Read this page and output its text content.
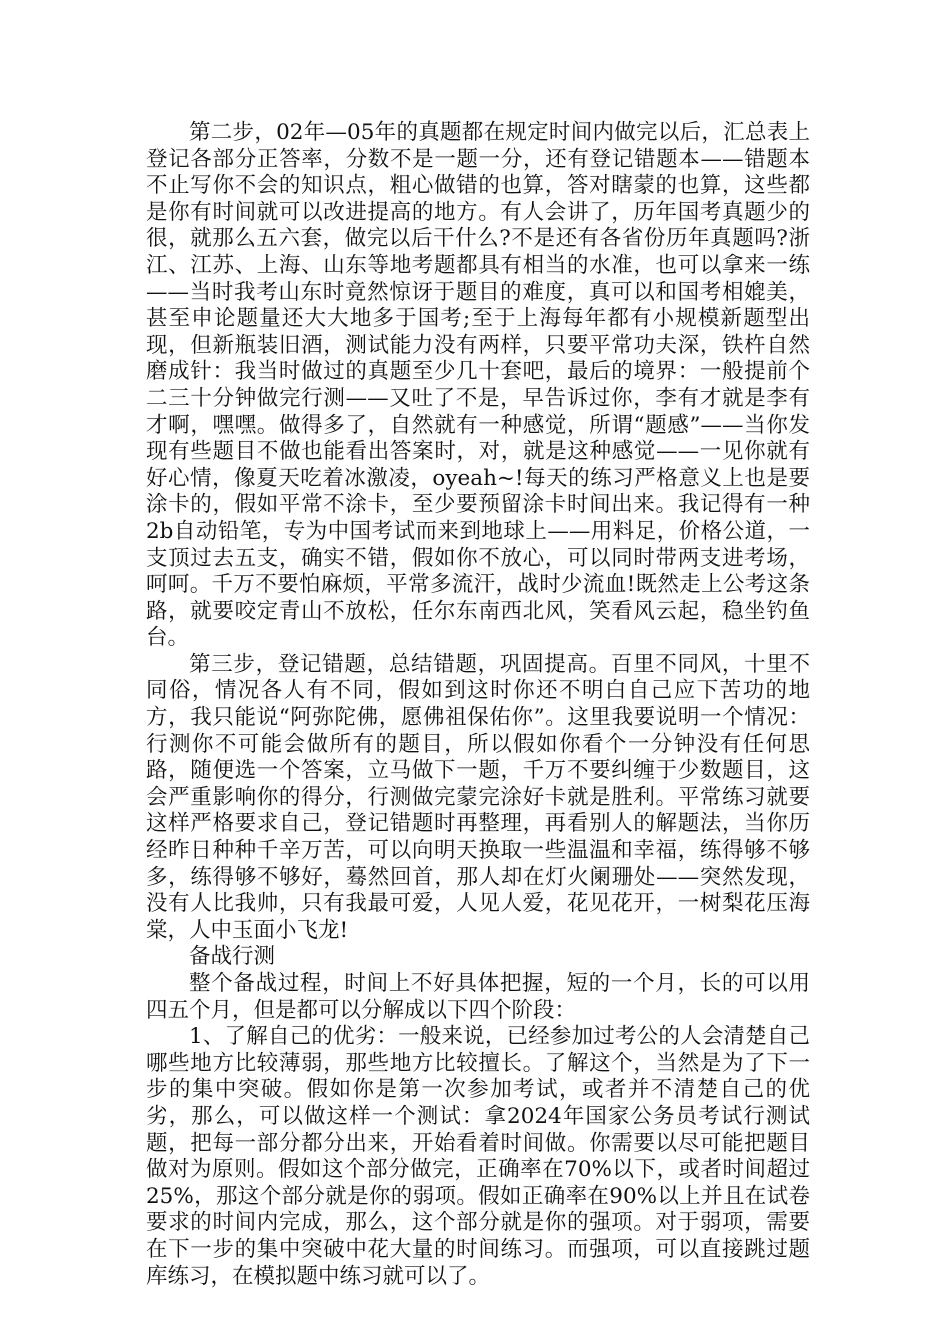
第二步，02年—05年的真题都在规定时间内做完以后，汇总表上登记各部分正答率，分数不是一题一分，还有登记错题本——错题本不止写你不会的知识点，粗心做错的也算，答对瞎蒙的也算，这些都是你有时间就可以改进提高的地方。有人会讲了，历年国考真题少的很，就那么五六套，做完以后干什么?不是还有各省份历年真题吗?浙江、江苏、上海、山东等地考题都具有相当的水准，也可以拿来一练——当时我考山东时竟然惊讶于题目的难度，真可以和国考相媲美，甚至申论题量还大大地多于国考;至于上海每年都有小规模新题型出现，但新瓶装旧酒，测试能力没有两样，只要平常功夫深，铁杵自然磨成针：我当时做过的真题至少几十套吧，最后的境界：一般提前个二三十分钟做完行测——又吐了不是，早告诉过你，李有才就是李有才啊，嘿嘿。做得多了，自然就有一种感觉，所谓“题感”——当你发现有些题目不做也能看出答案时，对，就是这种感觉——一见你就有好心情，像夏天吃着冰激凌，oyeah~!每天的练习严格意义上也是要涂卡的，假如平常不涂卡，至少要预留涂卡时间出来。我记得有一种2b自动铅笔，专为中国考试而来到地球上——用料足，价格公道，一支顶过去五支，确实不错，假如你不放心，可以同时带两支进考场，呵呵。千万不要怕麻烦，平常多流汗，战时少流血!既然走上公考这条路，就要咬定青山不放松，任尔东南西北风，笑看风云起，稳坐钓鱼台。

第三步，登记错题，总结错题，巩固提高。百里不同风，十里不同俗，情况各人有不同，假如到这时你还不明白自己应下苦功的地方，我只能说“阿弥陀佛，愿佛祖保佑你”。这里我要说明一个情况：行测你不可能会做所有的题目，所以假如你看个一分钟没有任何思路，随便选一个答案，立马做下一题，千万不要纠缠于少数题目，这会严重影响你的得分，行测做完蒙完涂好卡就是胜利。平常练习就要这样严格要求自己，登记错题时再整理，再看别人的解题法，当你历经昨日种种千辛万苦，可以向明天换取一些温温和幸福，练得够不够多，练得够不够好，蓦然回首，那人却在灯火阑珊处——突然发现，没有人比我帅，只有我最可爱，人见人爱，花见花开，一树梨花压海棠，人中玉面小飞龙!

备战行测

整个备战过程，时间上不好具体把握，短的一个月，长的可以用四五个月，但是都可以分解成以下四个阶段：

1、了解自己的优劣：一般来说，已经参加过考公的人会清楚自己哪些地方比较薄弱，那些地方比较擅长。了解这个，当然是为了下一步的集中突破。假如你是第一次参加考试，或者并不清楚自己的优劣，那么，可以做这样一个测试：拿2024年国家公务员考试行测试题，把每一部分都分出来，开始看着时间做。你需要以尽可能把题目做对为原则。假如这个部分做完，正确率在70%以下，或者时间超过25%，那这个部分就是你的弱项。假如正确率在90%以上并且在试卷要求的时间内完成，那么，这个部分就是你的强项。对于弱项，需要在下一步的集中突破中花大量的时间练习。而强项，可以直接跳过题库练习，在模拟题中练习就可以了。
